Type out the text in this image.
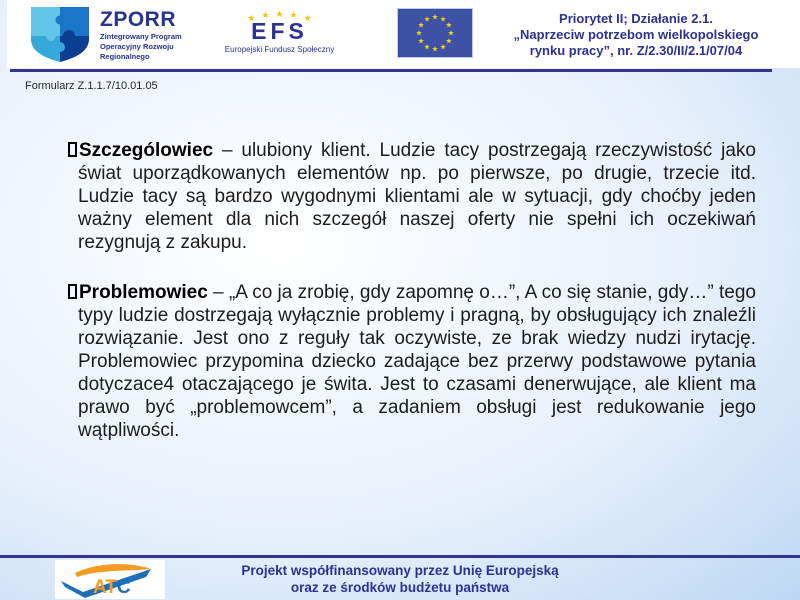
ZPORR
Zintegrowany Program Operacyjny Rozwoju Regionalnego
★ ★ ★ ★ ★
EFS
Europejski Fundusz Społeczny
Priorytet II; Działanie 2.1.
„Naprzeciw potrzebom wielkopolskiego
rynku pracy”, nr. Z/2.30/II/2.1/07/04
Formularz Z.1.1.7/10.01.05

Szczególowiec – ulubiony klient. Ludzie tacy postrzegają rzeczywistość jako świat uporządkowanych elementów np. po pierwsze, po drugie, trzecie itd. Ludzie tacy są bardzo wygodnymi klientami ale w sytuacji, gdy choćby jeden ważny element dla nich szczegół naszej oferty nie spełni ich oczekiwań rezygnują z zakupu.

Problemowiec – „A co ja zrobię, gdy zapomnę o…”, A co się stanie, gdy…” tego typy ludzie dostrzegają wyłącznie problemy i pragną, by obsługujący ich znaleźli rozwiązanie. Jest ono z reguły tak oczywiste, ze brak wiedzy nudzi irytację. Problemowiec przypomina dziecko zadające bez przerwy podstawowe pytania dotyczace4 otaczającego je świta. Jest to czasami denerwujące, ale klient ma prawo być „problemowcem”, a zadaniem obsługi jest redukowanie jego wątpliwości.

ATC
Projekt współfinansowany przez Unię Europejską
oraz ze środków budżetu państwa
